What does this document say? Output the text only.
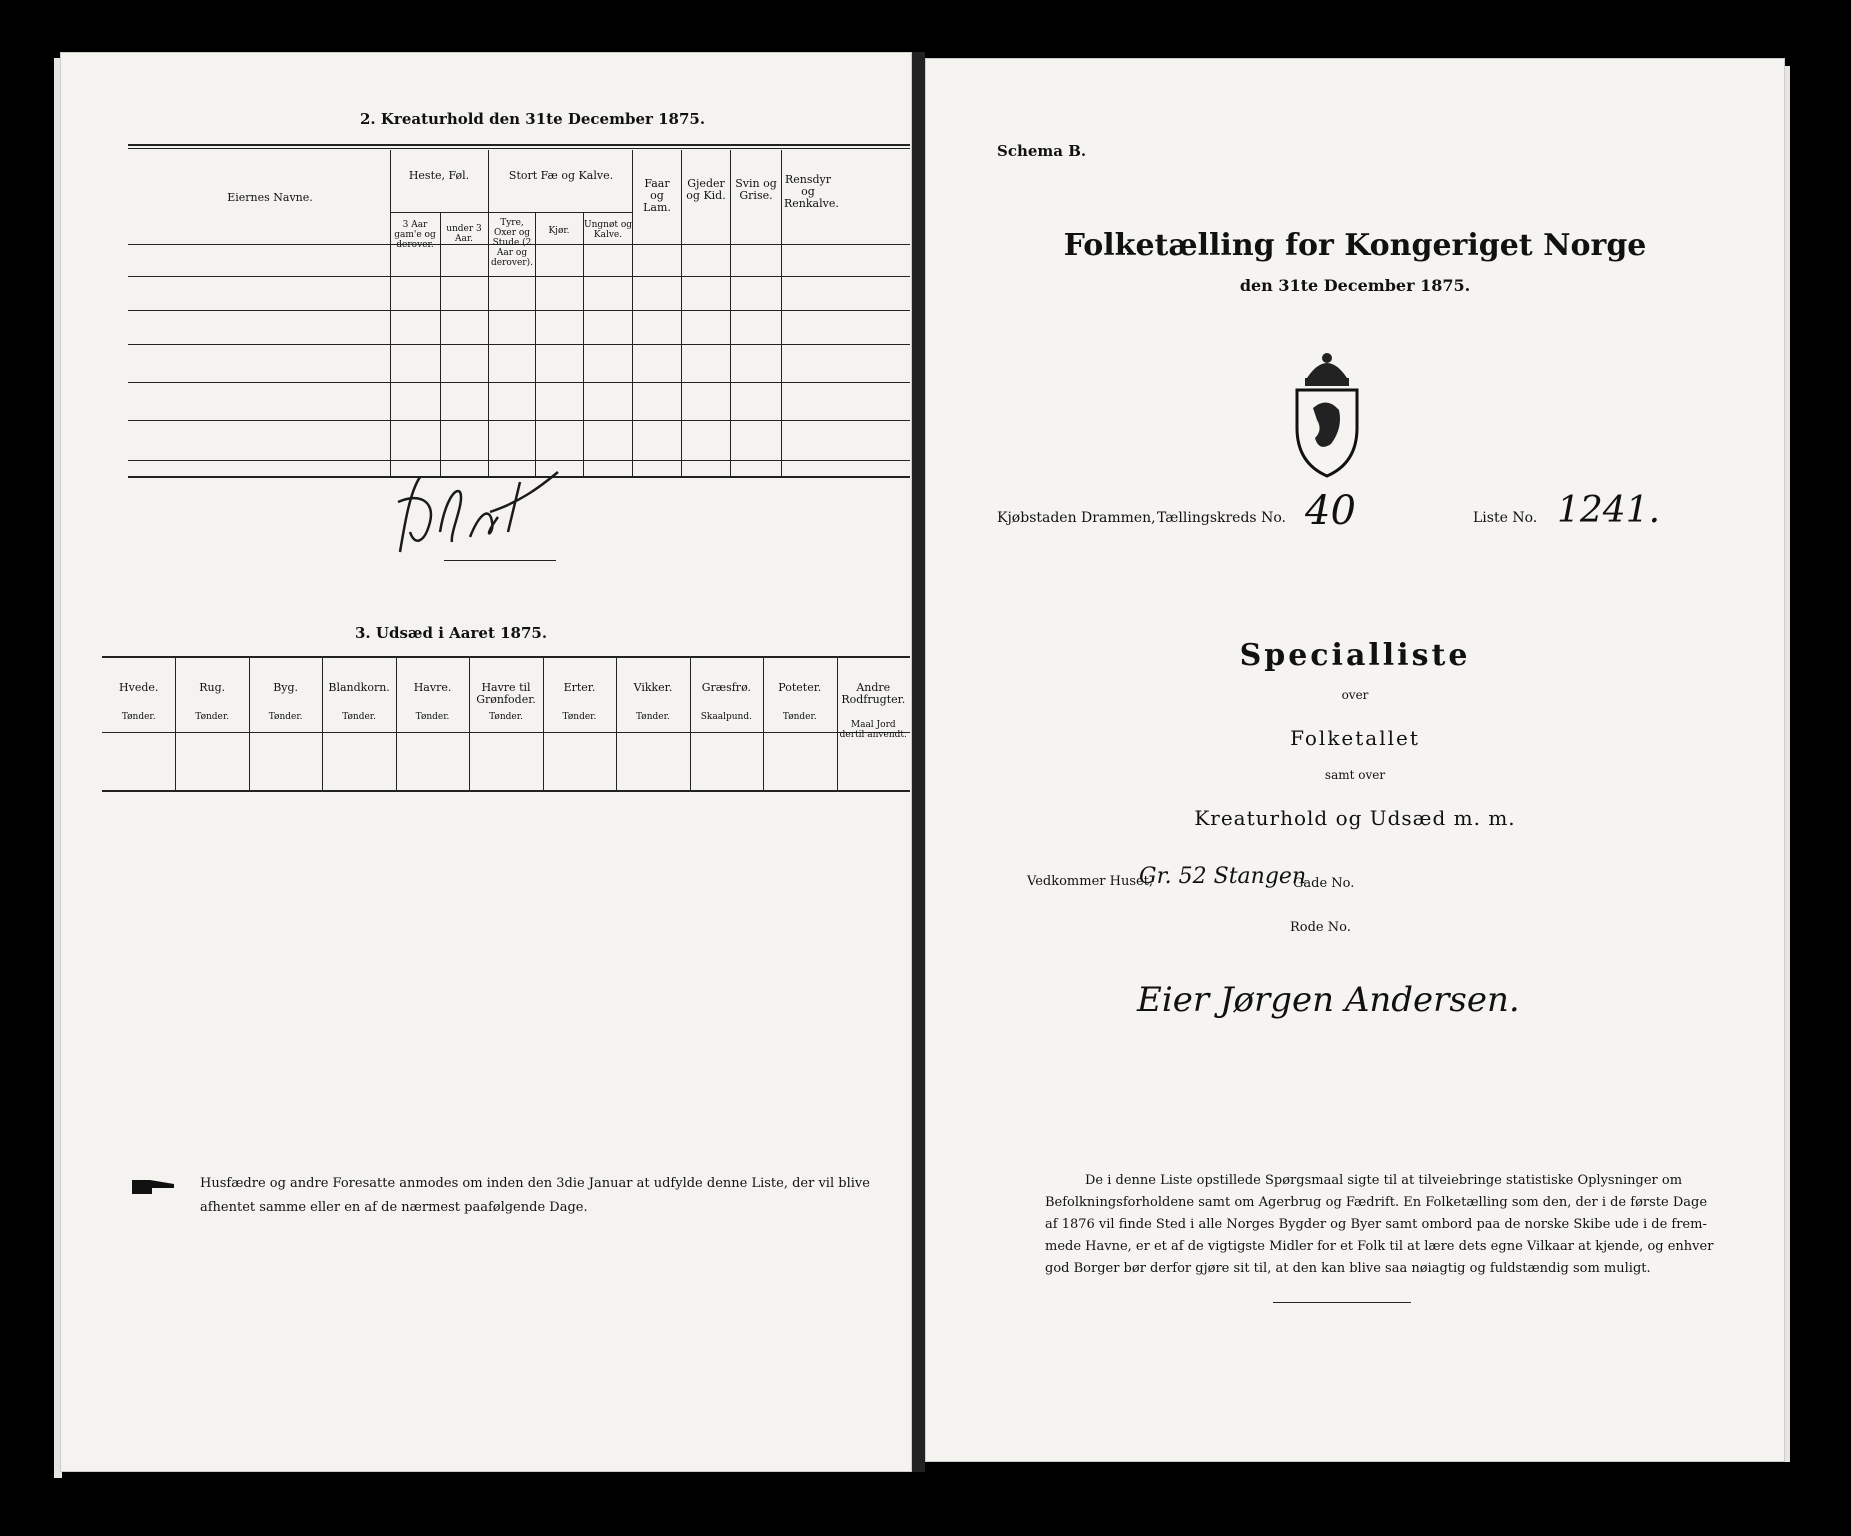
2. Kreaturhold den 31te December 1875.
Eiernes Navne.
Heste, Føl.
3 Aar gam'e og derover.
under 3 Aar.
Stort Fæ og Kalve.
Tyre, Oxer og Stude (2 Aar og derover).
Kjør.
Ungnøt og Kalve.
Faar og Lam.
Gjeder og Kid.
Svin og Grise.
Rensdyr og Renkalve.
Ludit
3. Udsæd i Aaret 1875.
Hvede.
Tønder.
Rug.
Tønder.
Byg.
Tønder.
Blandkorn.
Tønder.
Havre.
Tønder.
Havre til Grønfoder.
Tønder.
Erter.
Tønder.
Vikker.
Tønder.
Græsfrø.
Skaalpund.
Poteter.
Tønder.
Andre Rodfrugter.
Maal Jord dertil anvendt.
Husfædre og andre Foresatte anmodes om inden den 3die Januar at udfylde denne Liste, der vil blive
afhentet samme eller en af de nærmest paafølgende Dage.
Schema B.
Folketælling for Kongeriget Norge
den 31te December 1875.
Kjøbstaden Drammen, Tællingskreds No. 40	Liste No. 1241.
Specialliste
over
Folketallet
samt over
Kreaturhold og Udsæd m. m.
Vedkommer Huset,
Gr. 52 Stangen
Gade No.
Rode No.
Eier Jørgen Andersen.
De i denne Liste opstillede Spørgsmaal sigte til at tilveiebringe statistiske Oplysninger om
Befolkningsforholdene samt om Agerbrug og Fædrift. En Folketælling som den, der i de første Dage
af 1876 vil finde Sted i alle Norges Bygder og Byer samt ombord paa de norske Skibe ude i de frem-
mede Havne, er et af de vigtigste Midler for et Folk til at lære dets egne Vilkaar at kjende, og enhver
god Borger bør derfor gjøre sit til, at den kan blive saa nøiagtig og fuldstændig som muligt.
